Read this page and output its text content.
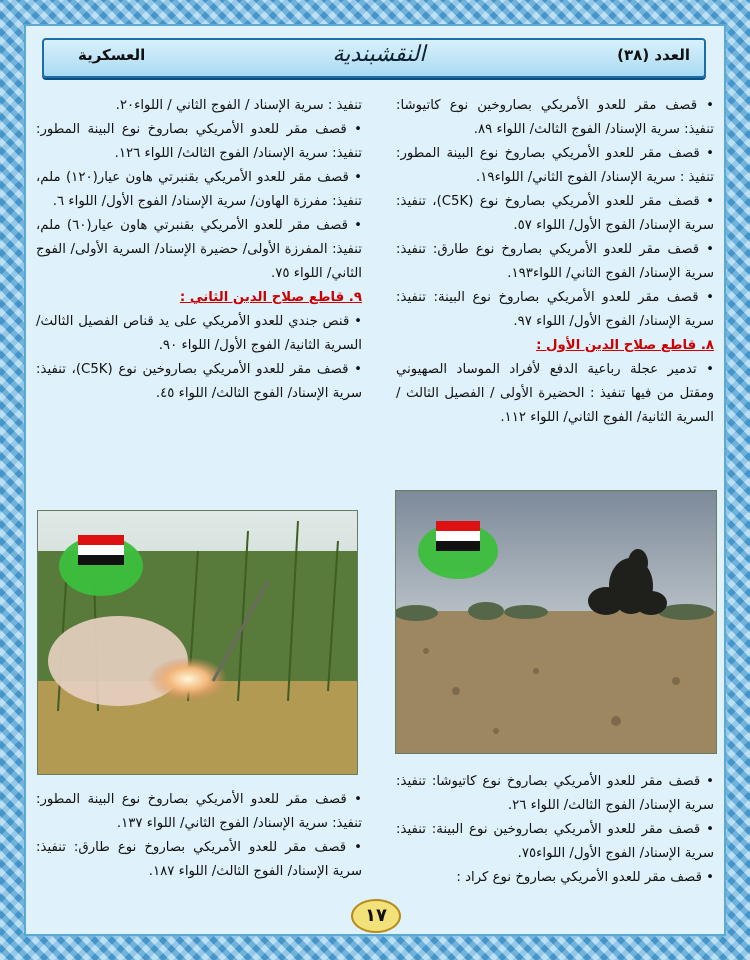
العدد (٣٨)
النقشبندية
العسكرية

• قصف مقر للعدو الأمريكي بصاروخين نوع كاتيوشا: تنفيذ: سرية الإسناد/ الفوج الثالث/ اللواء ٨٩.

• قصف مقر للعدو الأمريكي بصاروخ نوع البينة المطور: تنفيذ : سرية الإسناد/ الفوج الثاني/ اللواء١٩.

• قصف مقر للعدو الأمريكي بصاروخ نوع (C5K)، تنفيذ: سرية الإسناد/ الفوج الأول/ اللواء ٥٧.

• قصف مقر للعدو الأمريكي بصاروخ نوع طارق: تنفيذ: سرية الإسناد/ الفوج الثاني/ اللواء١٩٣.

• قصف مقر للعدو الأمريكي بصاروخ نوع البينة: تنفيذ: سرية الإسناد/ الفوج الأول/ اللواء ٩٧.

٨. قاطع صلاح الدين الأول :

• تدمير عجلة رباعية الدفع لأفراد الموساد الصهيوني ومقتل من فيها تنفيذ : الحضيرة الأولى / الفصيل الثالث / السرية الثانية/ الفوج الثاني/ اللواء ١١٢.

تنفيذ : سرية الإسناد / الفوج الثاني / اللواء٢٠.

• قصف مقر للعدو الأمريكي بصاروخ نوع البينة المطور: تنفيذ: سرية الإسناد/ الفوج الثالث/ اللواء ١٢٦.

• قصف مقر للعدو الأمريكي بقنبرتي هاون عيار(١٢٠) ملم، تنفيذ: مفرزة الهاون/ سرية الإسناد/ الفوج الأول/ اللواء ٦.

• قصف مقر للعدو الأمريكي بقنبرتي هاون عيار(٦٠) ملم، تنفيذ: المفرزة الأولى/ حضيرة الإسناد/ السرية الأولى/ الفوج الثاني/ اللواء ٧٥.

٩. قاطع صلاح الدين الثاني :

• قنص جندي للعدو الأمريكي على يد قناص الفصيل الثالث/ السرية الثانية/ الفوج الأول/ اللواء ٩٠.

• قصف مقر للعدو الأمريكي بصاروخين نوع (C5K)، تنفيذ: سرية الإسناد/ الفوج الثالث/ اللواء ٤٥.

• قصف مقر للعدو الأمريكي بصاروخ نوع كاتيوشا: تنفيذ: سرية الإسناد/ الفوج الثالث/ اللواء ٢٦.

• قصف مقر للعدو الأمريكي بصاروخين نوع البينة: تنفيذ: سرية الإسناد/ الفوج الأول/ اللواء٧٥.

• قصف مقر للعدو الأمريكي بصاروخ نوع كراد :

• قصف مقر للعدو الأمريكي بصاروخ نوع البينة المطور: تنفيذ: سرية الإسناد/ الفوج الثاني/ اللواء ١٣٧.

• قصف مقر للعدو الأمريكي بصاروخ نوع طارق: تنفيذ: سرية الإسناد/ الفوج الثالث/ اللواء ١٨٧.

١٧
